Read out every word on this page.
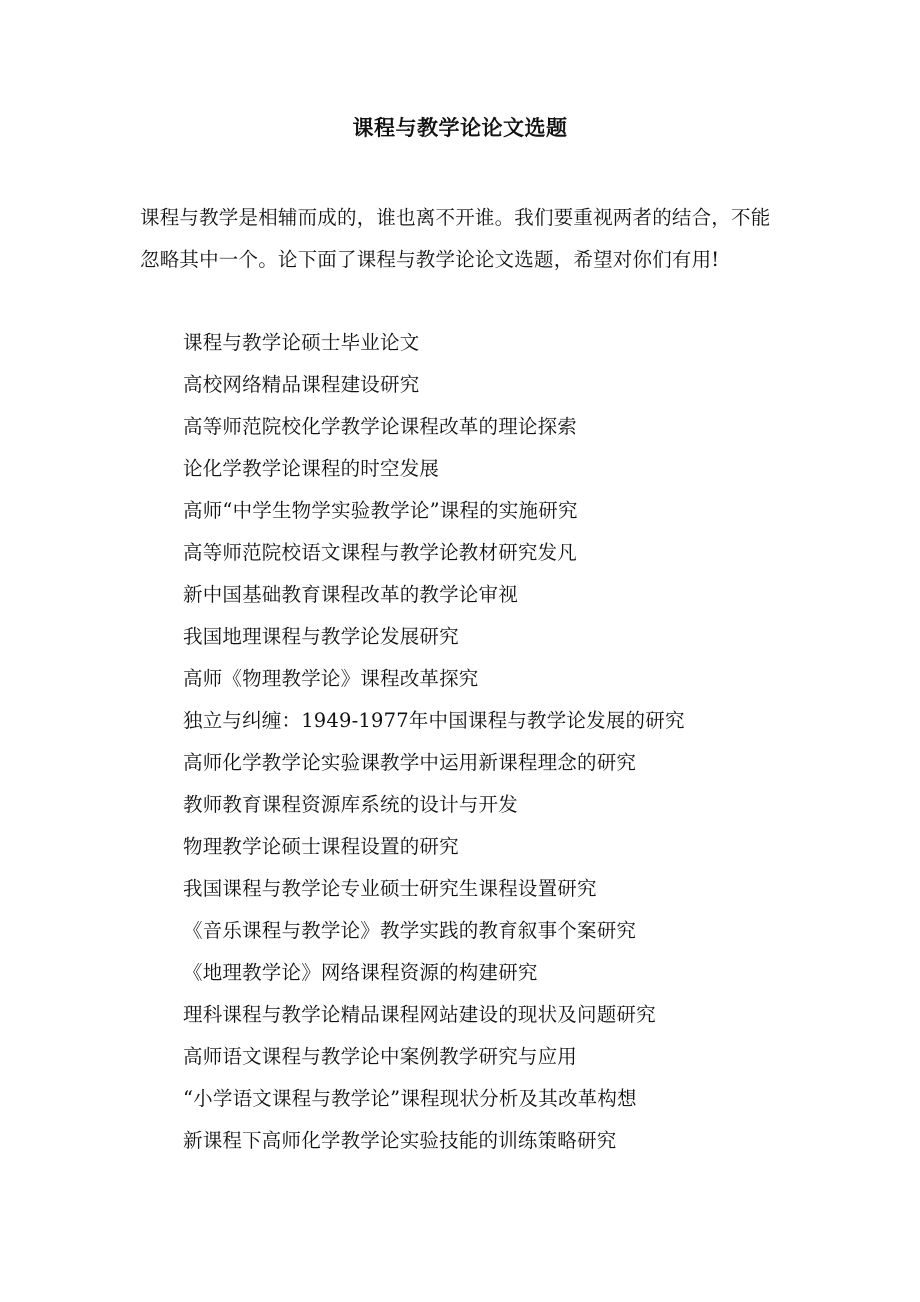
课程与教学论论文选题

课程与教学是相辅而成的，谁也离不开谁。我们要重视两者的结合，不能忽略其中一个。论下面了课程与教学论论文选题，希望对你们有用!

课程与教学论硕士毕业论文
高校网络精品课程建设研究
高等师范院校化学教学论课程改革的理论探索
论化学教学论课程的时空发展
高师“中学生物学实验教学论”课程的实施研究
高等师范院校语文课程与教学论教材研究发凡
新中国基础教育课程改革的教学论审视
我国地理课程与教学论发展研究
高师《物理教学论》课程改革探究
独立与纠缠：1949-1977年中国课程与教学论发展的研究
高师化学教学论实验课教学中运用新课程理念的研究
教师教育课程资源库系统的设计与开发
物理教学论硕士课程设置的研究
我国课程与教学论专业硕士研究生课程设置研究
《音乐课程与教学论》教学实践的教育叙事个案研究
《地理教学论》网络课程资源的构建研究
理科课程与教学论精品课程网站建设的现状及问题研究
高师语文课程与教学论中案例教学研究与应用
“小学语文课程与教学论”课程现状分析及其改革构想
新课程下高师化学教学论实验技能的训练策略研究
